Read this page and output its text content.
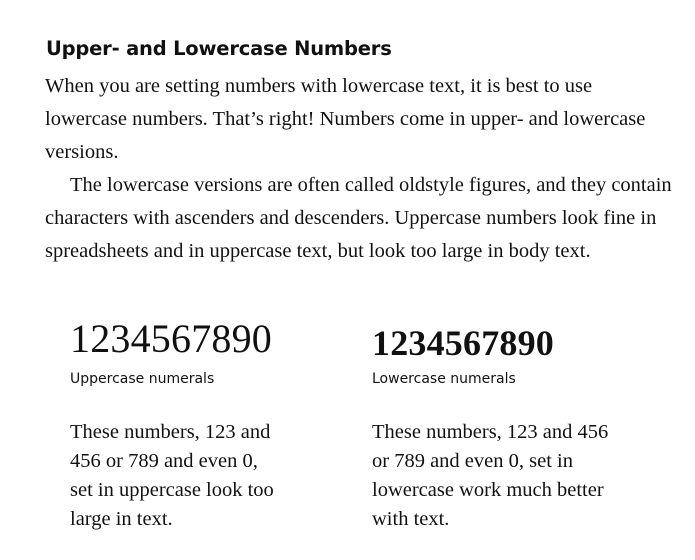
Upper- and Lowercase Numbers

When you are setting numbers with lowercase text, it is best to use lowercase numbers. That’s right! Numbers come in upper- and lowercase versions.

The lowercase versions are often called oldstyle figures, and they contain characters with ascenders and descenders. Uppercase numbers look fine in spreadsheets and in uppercase text, but look too large in body text.

1234567890
Uppercase numerals
These numbers, 123 and
456 or 789 and even 0,
set in uppercase look too
large in text.
1234567890
Lowercase numerals
These numbers, 123 and 456
or 789 and even 0, set in
lowercase work much better
with text.
